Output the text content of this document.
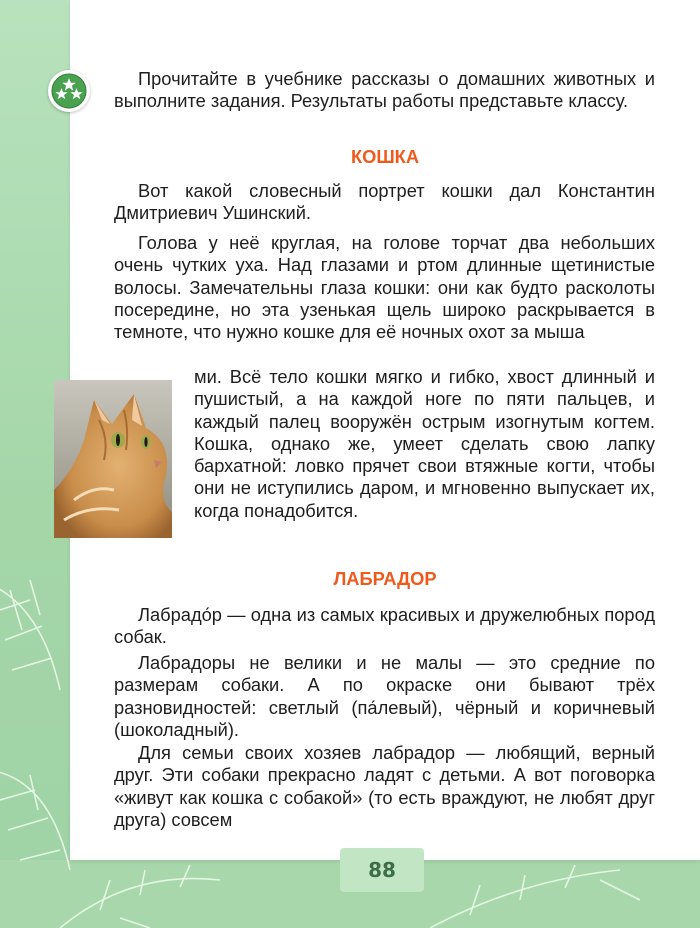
Прочитайте в учебнике рассказы о домашних животных и выполните задания. Результаты работы представьте классу.

КОШКА

Вот какой словесный портрет кошки дал Константин Дмитриевич Ушинский.

Голова у неё круглая, на голове торчат два небольших очень чутких уха. Над глазами и ртом длинные щетинистые волосы. Замечательны глаза кошки: они как будто расколоты посередине, но эта узенькая щель широко раскрывается в темноте, что нужно кошке для её ночных охот за мыша

ми. Всё тело кошки мягко и гибко, хвост длинный и пушистый, а на каждой ноге по пяти пальцев, и каждый палец вооружён острым изогнутым когтем. Кошка, однако же, умеет сделать свою лапку бархатной: ловко прячет свои втяжные когти, чтобы они не иступились даром, и мгновенно выпускает их, когда понадобится.

ЛАБРАДОР

Лабрадо́р — одна из самых красивых и дружелюбных пород собак.

Лабрадоры не велики и не малы — это средние по размерам собаки. А по окраске они бывают трёх разновидностей: светлый (па́левый), чёрный и коричневый (шоколадный).

Для семьи своих хозяев лабрадор — любящий, верный друг. Эти собаки прекрасно ладят с детьми. А вот поговорка «живут как кошка с собакой» (то есть враждуют, не любят друг друга) совсем

88
